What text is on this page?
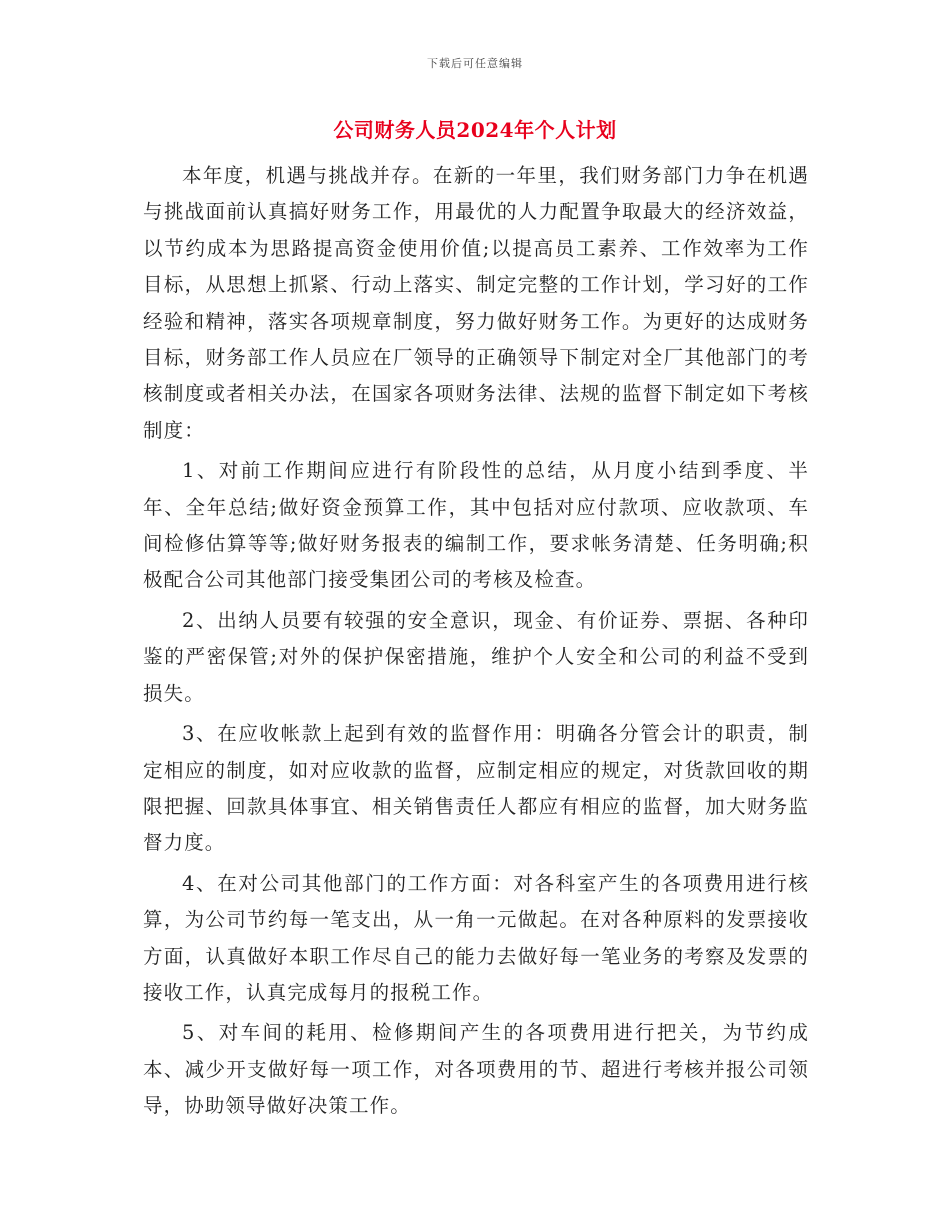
下载后可任意编辑
公司财务人员2024年个人计划

本年度，机遇与挑战并存。在新的一年里，我们财务部门力争在机遇与挑战面前认真搞好财务工作，用最优的人力配置争取最大的经济效益，以节约成本为思路提高资金使用价值;以提高员工素养、工作效率为工作目标，从思想上抓紧、行动上落实、制定完整的工作计划，学习好的工作经验和精神，落实各项规章制度，努力做好财务工作。为更好的达成财务目标，财务部工作人员应在厂领导的正确领导下制定对全厂其他部门的考核制度或者相关办法，在国家各项财务法律、法规的监督下制定如下考核制度：

1、对前工作期间应进行有阶段性的总结，从月度小结到季度、半年、全年总结;做好资金预算工作，其中包括对应付款项、应收款项、车间检修估算等等;做好财务报表的编制工作，要求帐务清楚、任务明确;积极配合公司其他部门接受集团公司的考核及检查。

2、出纳人员要有较强的安全意识，现金、有价证券、票据、各种印鉴的严密保管;对外的保护保密措施，维护个人安全和公司的利益不受到损失。

3、在应收帐款上起到有效的监督作用：明确各分管会计的职责，制定相应的制度，如对应收款的监督，应制定相应的规定，对货款回收的期限把握、回款具体事宜、相关销售责任人都应有相应的监督，加大财务监督力度。

4、在对公司其他部门的工作方面：对各科室产生的各项费用进行核算，为公司节约每一笔支出，从一角一元做起。在对各种原料的发票接收方面，认真做好本职工作尽自己的能力去做好每一笔业务的考察及发票的接收工作，认真完成每月的报税工作。

5、对车间的耗用、检修期间产生的各项费用进行把关，为节约成本、减少开支做好每一项工作，对各项费用的节、超进行考核并报公司领导，协助领导做好决策工作。
